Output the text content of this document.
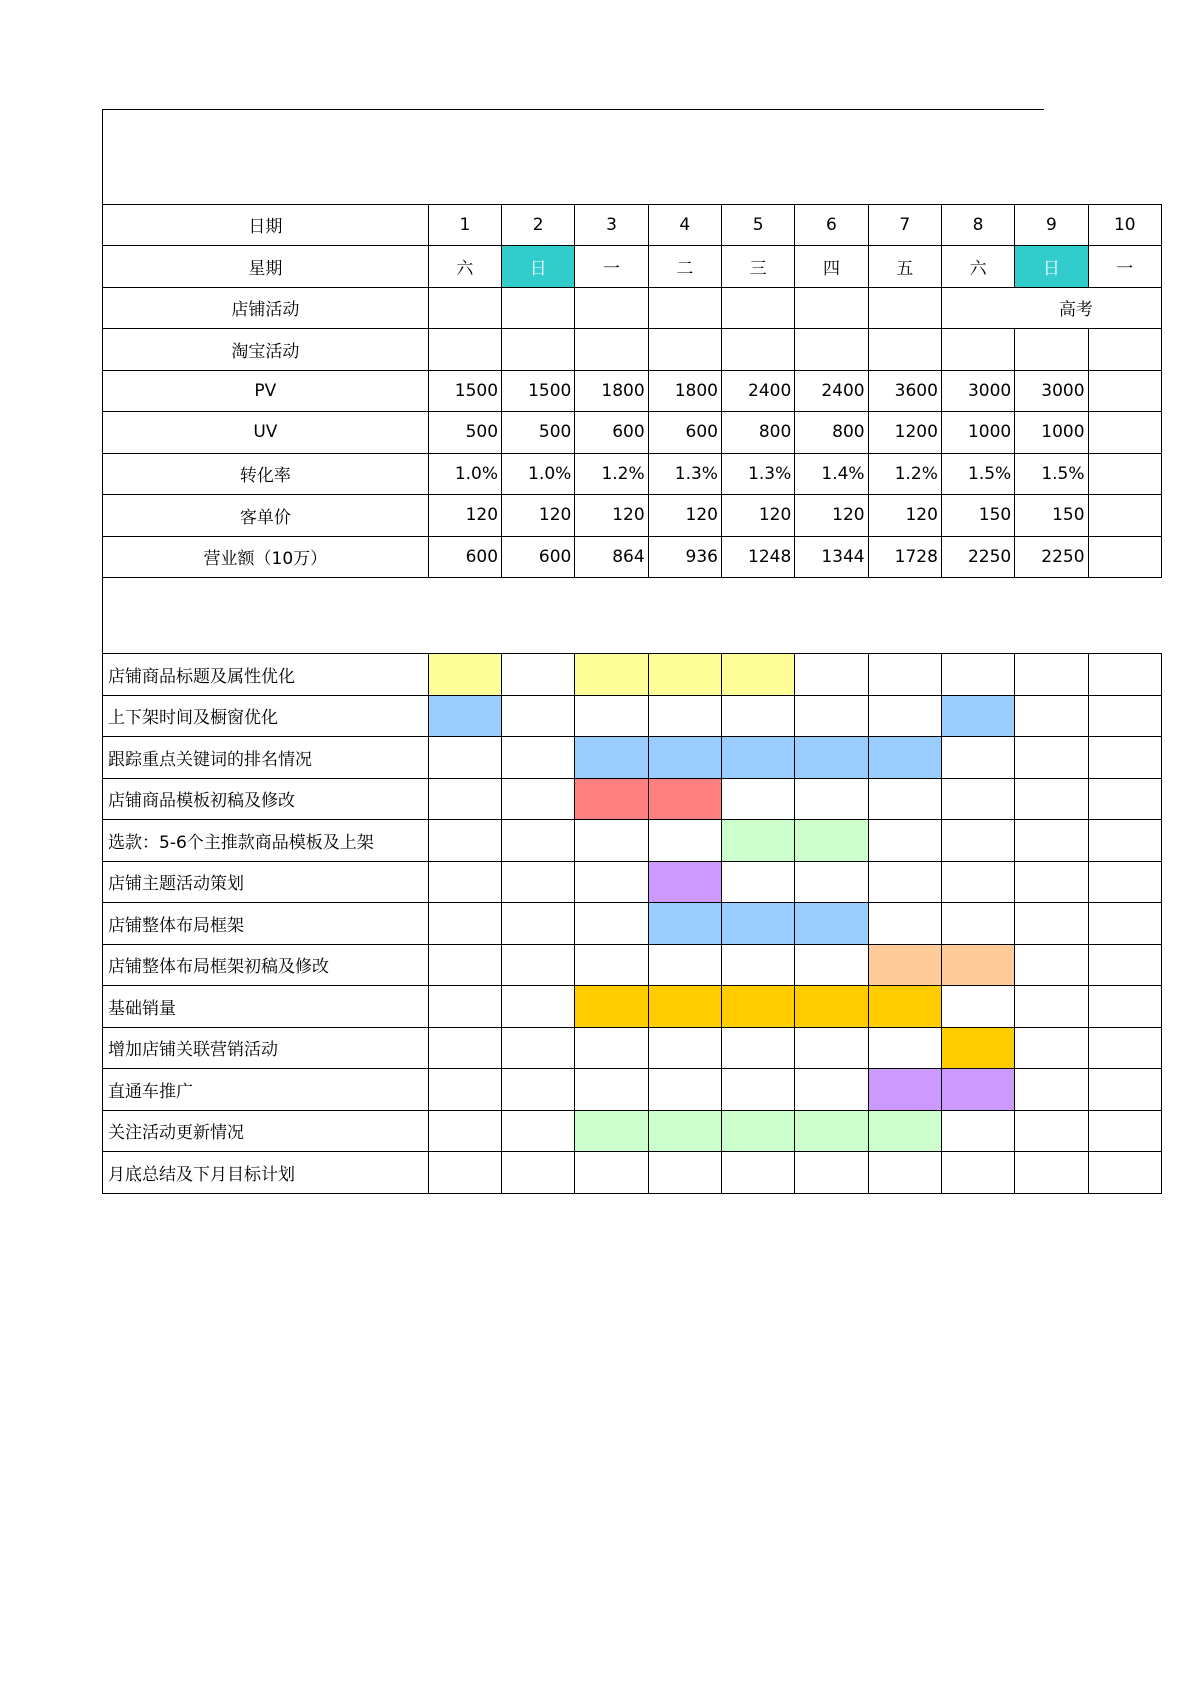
日期	1	2	3	4	5	6	7	8	9	10
星期	六	日	一	二	三	四	五	六	日	一
店铺活动								高考		
淘宝活动										
PV	1500	1500	1800	1800	2400	2400	3600	3000	3000	
UV	500	500	600	600	800	800	1200	1000	1000	
转化率	1.0%	1.0%	1.2%	1.3%	1.3%	1.4%	1.2%	1.5%	1.5%	
客单价	120	120	120	120	120	120	120	150	150	
营业额（10万）	600	600	864	936	1248	1344	1728	2250	2250	

店铺商品标题及属性优化										
上下架时间及橱窗优化										
跟踪重点关键词的排名情况										
店铺商品模板初稿及修改										
选款：5-6个主推款商品模板及上架										
店铺主题活动策划										
店铺整体布局框架										
店铺整体布局框架初稿及修改										
基础销量										
增加店铺关联营销活动										
直通车推广										
关注活动更新情况										
月底总结及下月目标计划										
